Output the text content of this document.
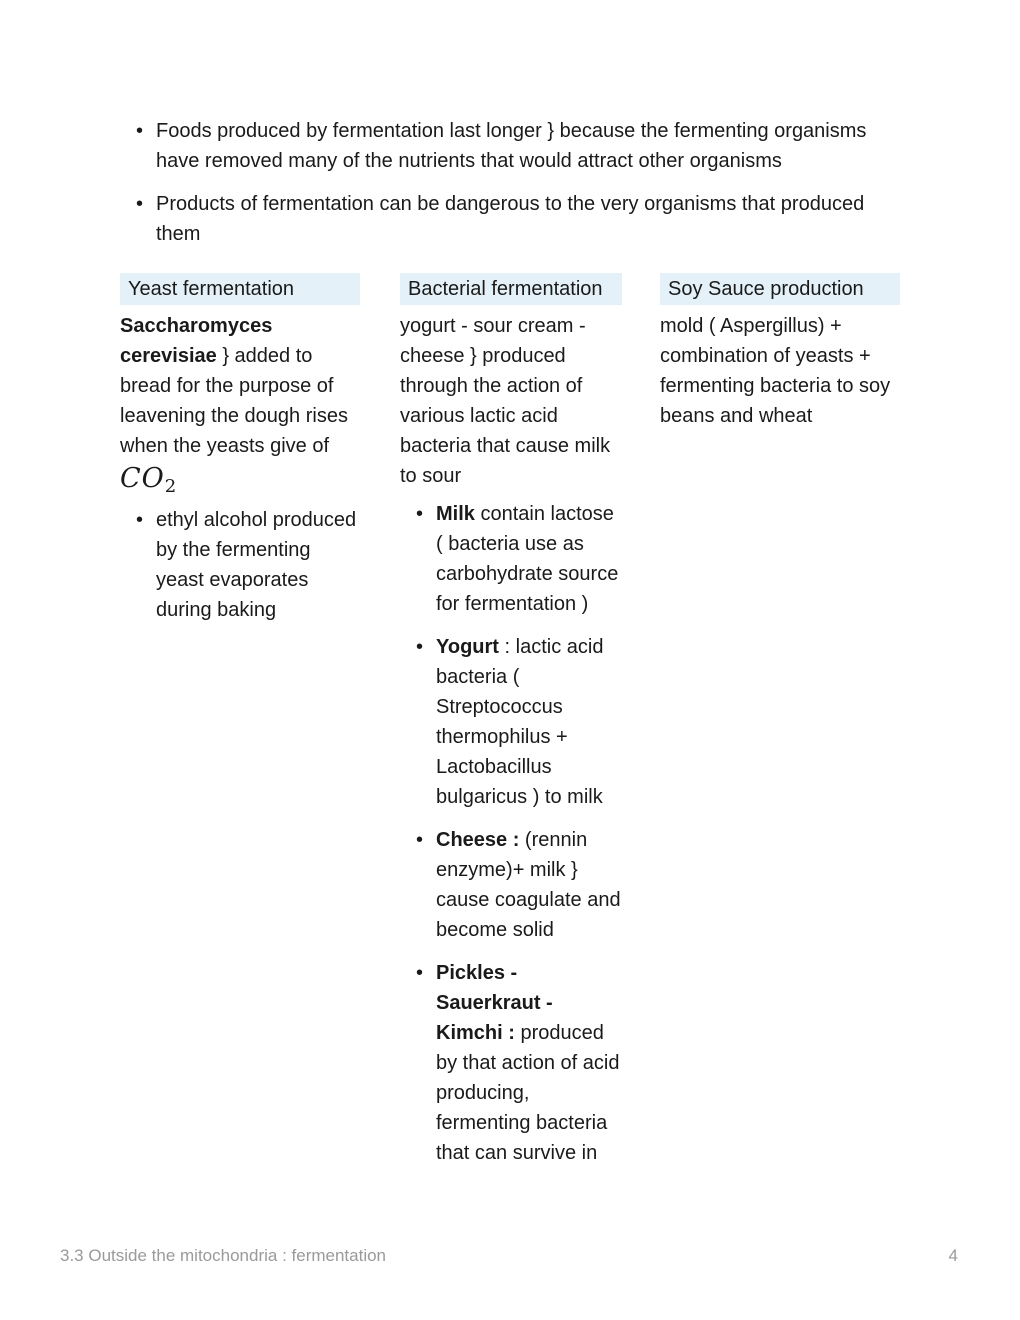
• Foods produced by fermentation last longer } because the fermenting organisms have removed many of the nutrients that would attract other organisms
• Products of fermentation can be dangerous to the very organisms that produced them
Yeast fermentation
Saccharomyces cerevisiae } added to bread for the purpose of leavening the dough rises when the yeasts give of
$CO_2$
• ethyl alcohol produced by the fermenting yeast evaporates during baking
Bacterial fermentation
yogurt - sour cream - cheese } produced through the action of various lactic acid bacteria that cause milk to sour
• Milk contain lactose ( bacteria use as carbohydrate source for fermentation )
• Yogurt : lactic acid bacteria ( Streptococcus thermophilus + Lactobacillus bulgaricus ) to milk
• Cheese : (rennin enzyme)+ milk } cause coagulate and become solid
• Pickles - Sauerkraut - Kimchi : produced by that action of acid producing, fermenting bacteria that can survive in
Soy Sauce production
mold ( Aspergillus) + combination of yeasts + fermenting bacteria to soy beans and wheat
3.3 Outside the mitochondria : fermentation	4
